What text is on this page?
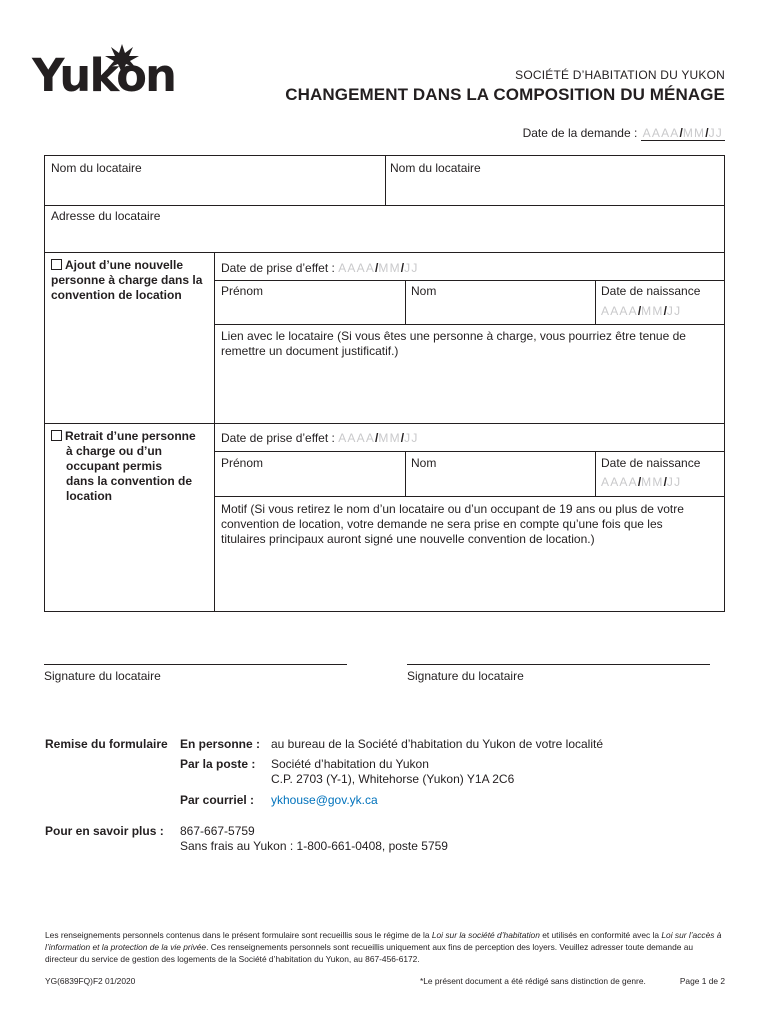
Yukon	SOCIÉTÉ D’HABITATION DU YUKON
CHANGEMENT DANS LA COMPOSITION DU MÉNAGE
Date de la demande : AAAA/MM/JJ
Nom du locataire	Nom du locataire
Adresse du locataire
Ajout d’une nouvelle
personne à charge dans la
convention de location
Date de prise d’effet : AAAA/MM/JJ
Prénom	Nom	Date de naissance
AAAA/MM/JJ
Lien avec le locataire (Si vous êtes une personne à charge, vous pourriez être tenue de
remettre un document justificatif.)
Retrait d’une personne
à charge ou d’un
occupant permis
dans la convention de
location
Date de prise d’effet : AAAA/MM/JJ
Prénom	Nom	Date de naissance
AAAA/MM/JJ
Motif (Si vous retirez le nom d’un locataire ou d’un occupant de 19 ans ou plus de votre
convention de location, votre demande ne sera prise en compte qu’une fois que les
titulaires principaux auront signé une nouvelle convention de location.)
Signature du locataire	Signature du locataire
Remise du formulaire En personne : au bureau de la Société d’habitation du Yukon de votre localité
Par la poste : Société d’habitation du Yukon
C.P. 2703 (Y-1), Whitehorse (Yukon) Y1A 2C6
Par courriel : ykhouse@gov.yk.ca
Pour en savoir plus : 867-667-5759
Sans frais au Yukon : 1-800-661-0408, poste 5759
Les renseignements personnels contenus dans le présent formulaire sont recueillis sous le régime de la Loi sur la société d’habitation et utilisés en conformité avec la Loi sur l’accès à l’information et la protection de la vie privée. Ces renseignements personnels sont recueillis uniquement aux fins de perception des loyers. Veuillez adresser toute demande au directeur du service de gestion des logements de la Société d’habitation du Yukon, au 867-456-6172.
YG(6839FQ)F2 01/2020	*Le présent document a été rédigé sans distinction de genre.	Page 1 de 2
